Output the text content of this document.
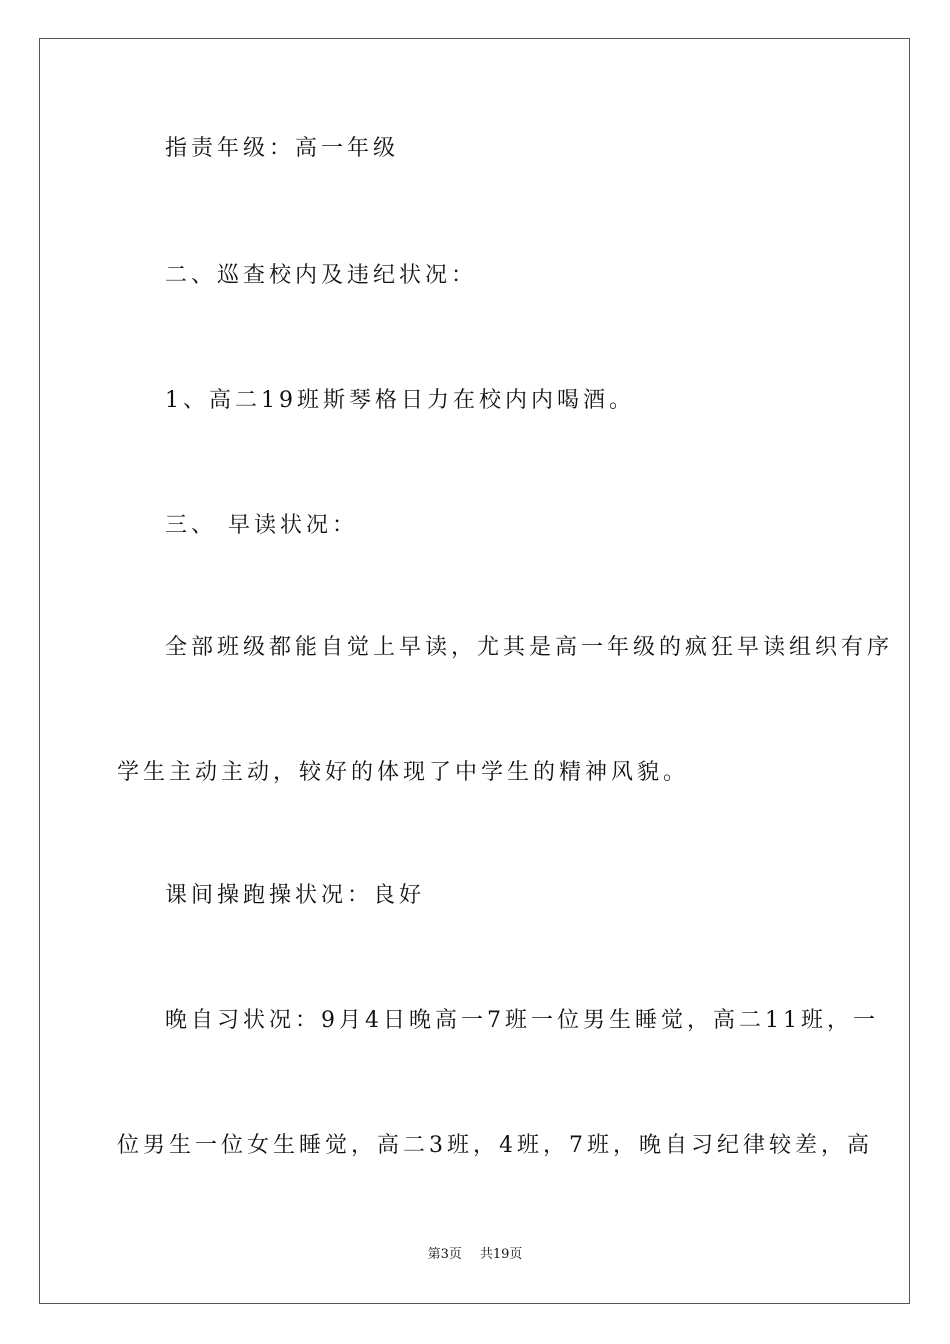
指责年级：高一年级
二、巡查校内及违纪状况：
1、高二19班斯琴格日力在校内内喝酒。
三、 早读状况：
全部班级都能自觉上早读，尤其是高一年级的疯狂早读组织有序
学生主动主动，较好的体现了中学生的精神风貌。
课间操跑操状况：良好
晚自习状况：9月4日晚高一7班一位男生睡觉，高二11班，一
位男生一位女生睡觉，高二3班，4班，7班，晚自习纪律较差，高
第3页 共19页
